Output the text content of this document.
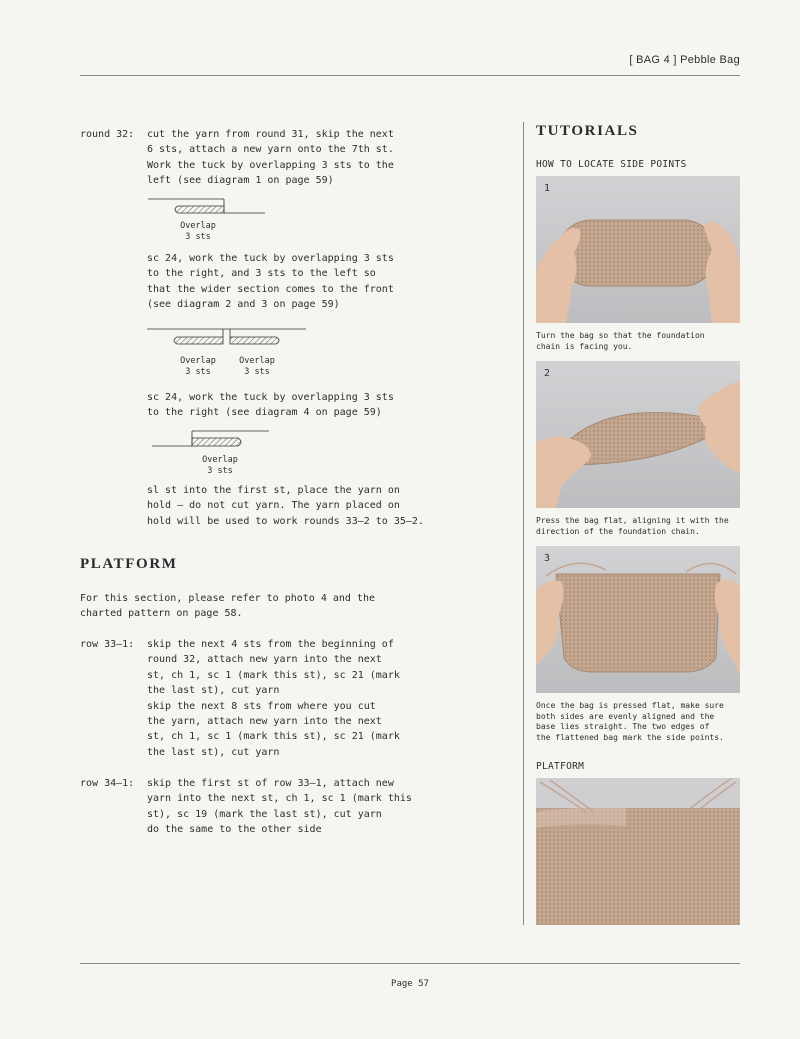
[ BAG 4 ] Pebble Bag
round 32: cut the yarn from round 31, skip the next
6 sts, attach a new yarn onto the 7th st.
Work the tuck by overlapping 3 sts to the
left (see diagram 1 on page 59)
Overlap
3 sts
sc 24, work the tuck by overlapping 3 sts
to the right, and 3 sts to the left so
that the wider section comes to the front
(see diagram 2 and 3 on page 59)
Overlap
3 sts
Overlap
3 sts
sc 24, work the tuck by overlapping 3 sts
to the right (see diagram 4 on page 59)
Overlap
3 sts
sl st into the first st, place the yarn on
hold — do not cut yarn. The yarn placed on
hold will be used to work rounds 33–2 to 35–2.
PLATFORM
For this section, please refer to photo 4 and the
charted pattern on page 58.
row 33–1: skip the next 4 sts from the beginning of
round 32, attach new yarn into the next
st, ch 1, sc 1 (mark this st), sc 21 (mark
the last st), cut yarn
skip the next 8 sts from where you cut
the yarn, attach new yarn into the next
st, ch 1, sc 1 (mark this st), sc 21 (mark
the last st), cut yarn
row 34–1: skip the first st of row 33–1, attach new
yarn into the next st, ch 1, sc 1 (mark this
st), sc 19 (mark the last st), cut yarn
do the same to the other side
TUTORIALS
HOW TO LOCATE SIDE POINTS
1
Turn the bag so that the foundation
chain is facing you.
2
Press the bag flat, aligning it with the
direction of the foundation chain.
3
Once the bag is pressed flat, make sure
both sides are evenly aligned and the
base lies straight. The two edges of
the flattened bag mark the side points.
PLATFORM
Page 57
